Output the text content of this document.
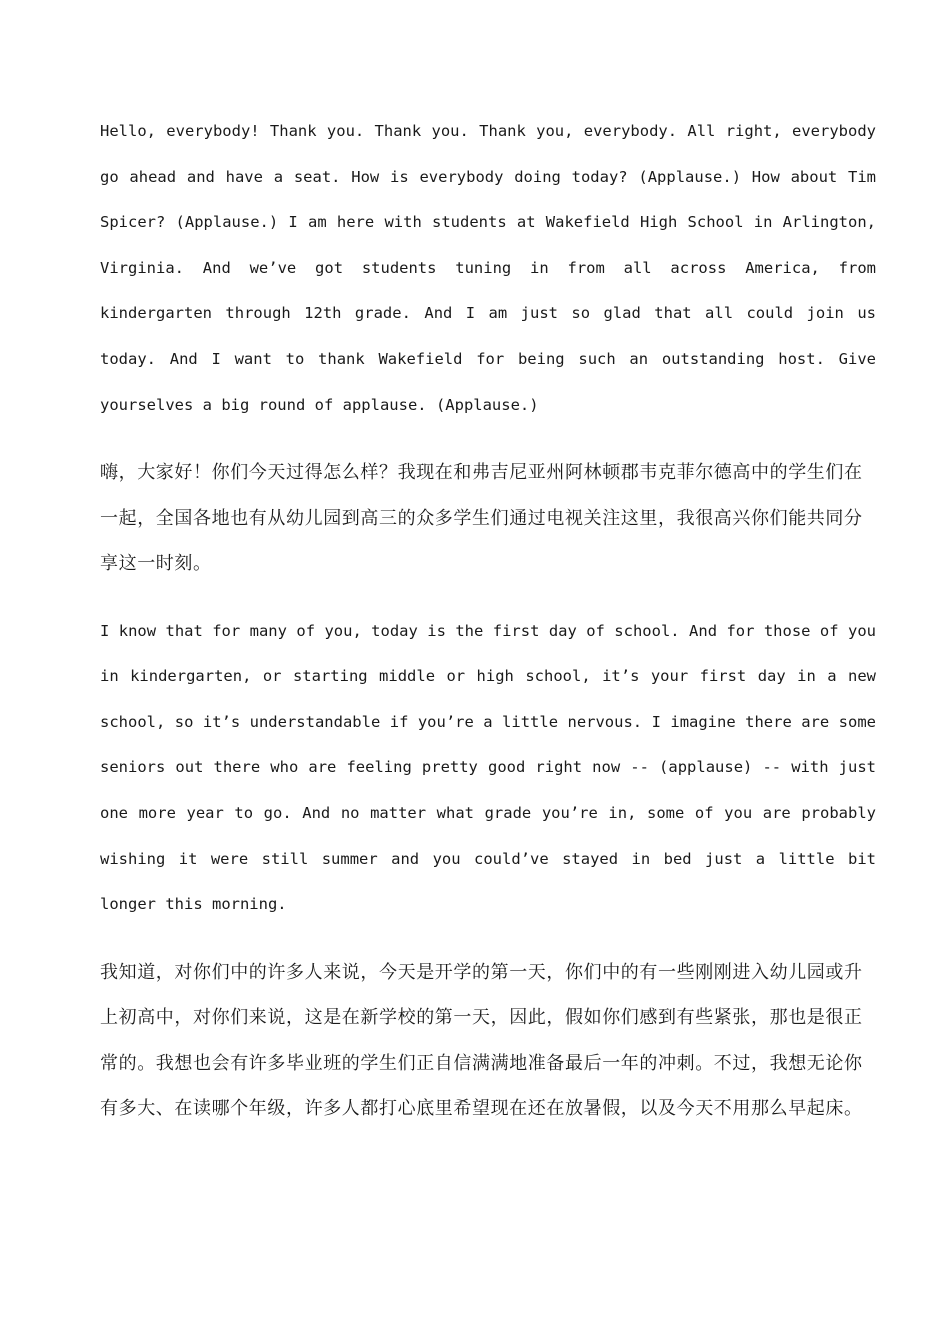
Hello, everybody! Thank you. Thank you. Thank you, everybody. All right, everybody go ahead and have a seat. How is everybody doing today? (Applause.) How about Tim Spicer? (Applause.) I am here with students at Wakefield High School in Arlington, Virginia. And we’ve got students tuning in from all across America, from kindergarten through 12th grade. And I am just so glad that all could join us today. And I want to thank Wakefield for being such an outstanding host. Give yourselves a big round of applause. (Applause.)

嗨，大家好！你们今天过得怎么样？我现在和弗吉尼亚州阿林顿郡韦克菲尔德高中的学生们在一起，全国各地也有从幼儿园到高三的众多学生们通过电视关注这里，我很高兴你们能共同分享这一时刻。

I know that for many of you, today is the first day of school. And for those of you in kindergarten, or starting middle or high school, it’s your first day in a new school, so it’s understandable if you’re a little nervous. I imagine there are some seniors out there who are feeling pretty good right now -- (applause) -- with just one more year to go. And no matter what grade you’re in, some of you are probably wishing it were still summer and you could’ve stayed in bed just a little bit longer this morning.

我知道，对你们中的许多人来说，今天是开学的第一天，你们中的有一些刚刚进入幼儿园或升上初高中，对你们来说，这是在新学校的第一天，因此，假如你们感到有些紧张，那也是很正常的。我想也会有许多毕业班的学生们正自信满满地准备最后一年的冲刺。不过，我想无论你有多大、在读哪个年级，许多人都打心底里希望现在还在放暑假，以及今天不用那么早起床。
